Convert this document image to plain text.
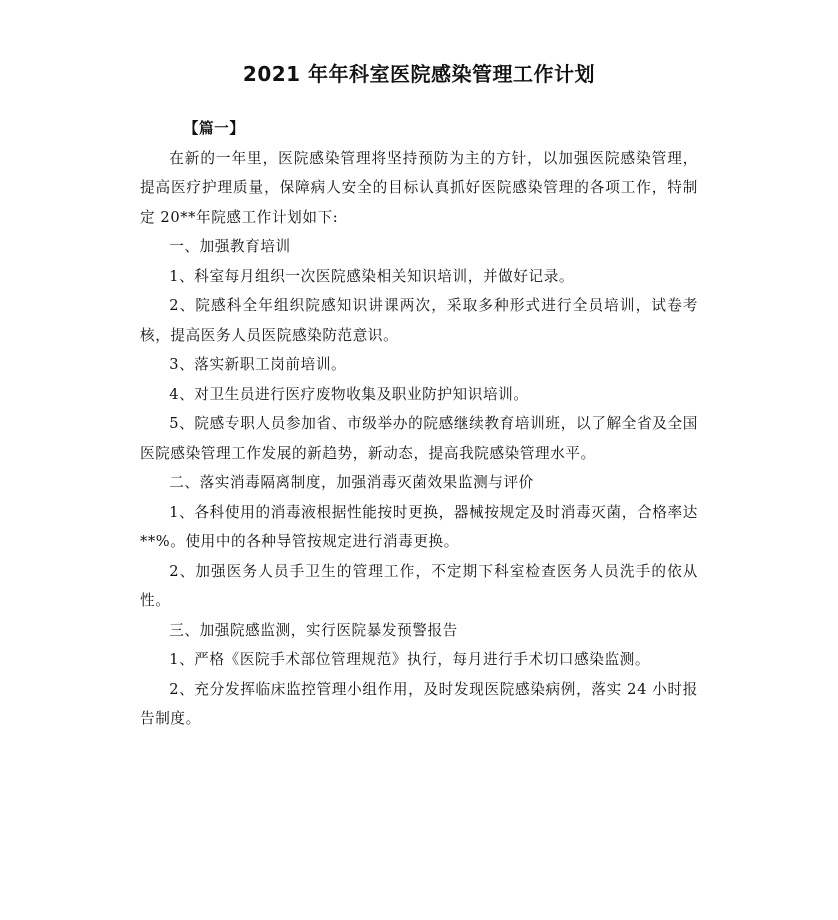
2021 年年科室医院感染管理工作计划

【篇一】

在新的一年里，医院感染管理将坚持预防为主的方针，以加强医院感染管理，提高医疗护理质量，保障病人安全的目标认真抓好医院感染管理的各项工作，特制定 20**年院感工作计划如下:

一、加强教育培训

1、科室每月组织一次医院感染相关知识培训，并做好记录。

2、院感科全年组织院感知识讲课两次，采取多种形式进行全员培训，试卷考核，提高医务人员医院感染防范意识。

3、落实新职工岗前培训。

4、对卫生员进行医疗废物收集及职业防护知识培训。

5、院感专职人员参加省、市级举办的院感继续教育培训班，以了解全省及全国医院感染管理工作发展的新趋势，新动态，提高我院感染管理水平。

二、落实消毒隔离制度，加强消毒灭菌效果监测与评价

1、各科使用的消毒液根据性能按时更换，器械按规定及时消毒灭菌，合格率达**%。使用中的各种导管按规定进行消毒更换。

2、加强医务人员手卫生的管理工作，不定期下科室检查医务人员洗手的依从性。

三、加强院感监测，实行医院暴发预警报告

1、严格《医院手术部位管理规范》执行，每月进行手术切口感染监测。

2、充分发挥临床监控管理小组作用，及时发现医院感染病例，落实 24 小时报告制度。
